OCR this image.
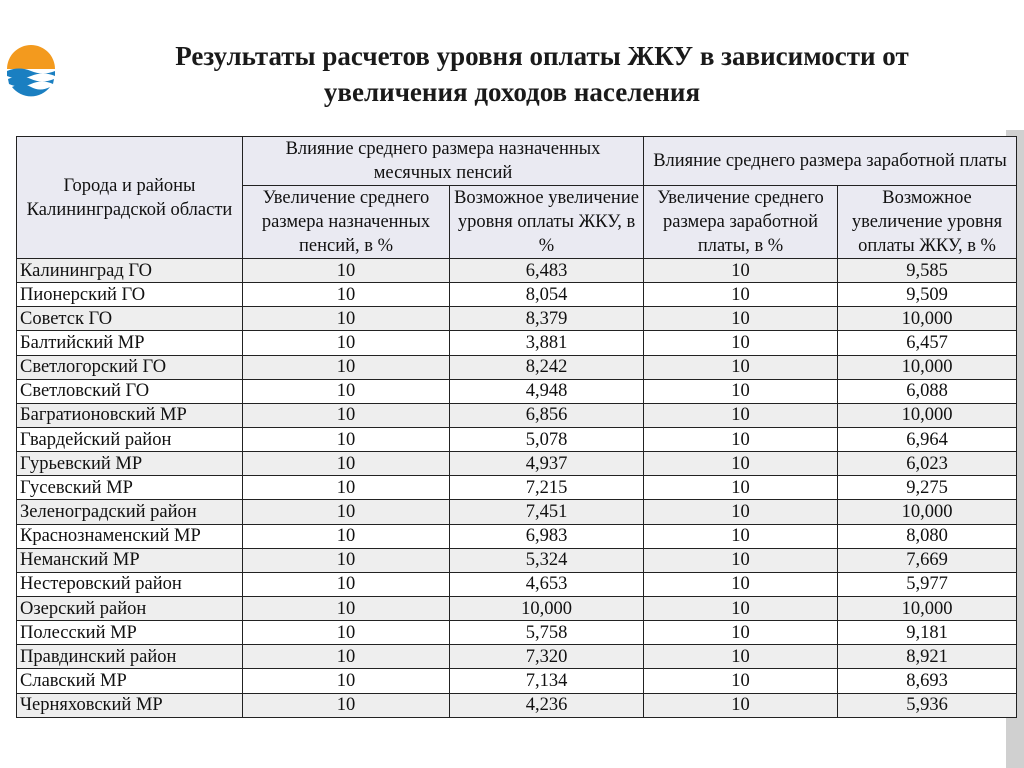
Результаты расчетов уровня оплаты ЖКУ в зависимости от
увеличения доходов населения
Города и районы Калининградской области	Влияние среднего размера назначенных месячных пенсий		Влияние среднего размера заработной платы	
	Увеличение среднего размера назначенных пенсий, в %	Возможное увеличение уровня оплаты ЖКУ, в %	Увеличение среднего размера заработной платы, в %	Возможное увеличение уровня оплаты ЖКУ, в %
Калининград ГО	10	6,483	10	9,585
Пионерский ГО	10	8,054	10	9,509
Советск ГО	10	8,379	10	10,000
Балтийский МР	10	3,881	10	6,457
Светлогорский ГО	10	8,242	10	10,000
Светловский ГО	10	4,948	10	6,088
Багратионовский МР	10	6,856	10	10,000
Гвардейский район	10	5,078	10	6,964
Гурьевский МР	10	4,937	10	6,023
Гусевский МР	10	7,215	10	9,275
Зеленоградский район	10	7,451	10	10,000
Краснознаменский МР	10	6,983	10	8,080
Неманский МР	10	5,324	10	7,669
Нестеровский район	10	4,653	10	5,977
Озерский район	10	10,000	10	10,000
Полесский МР	10	5,758	10	9,181
Правдинский район	10	7,320	10	8,921
Славский МР	10	7,134	10	8,693
Черняховский МР	10	4,236	10	5,936
